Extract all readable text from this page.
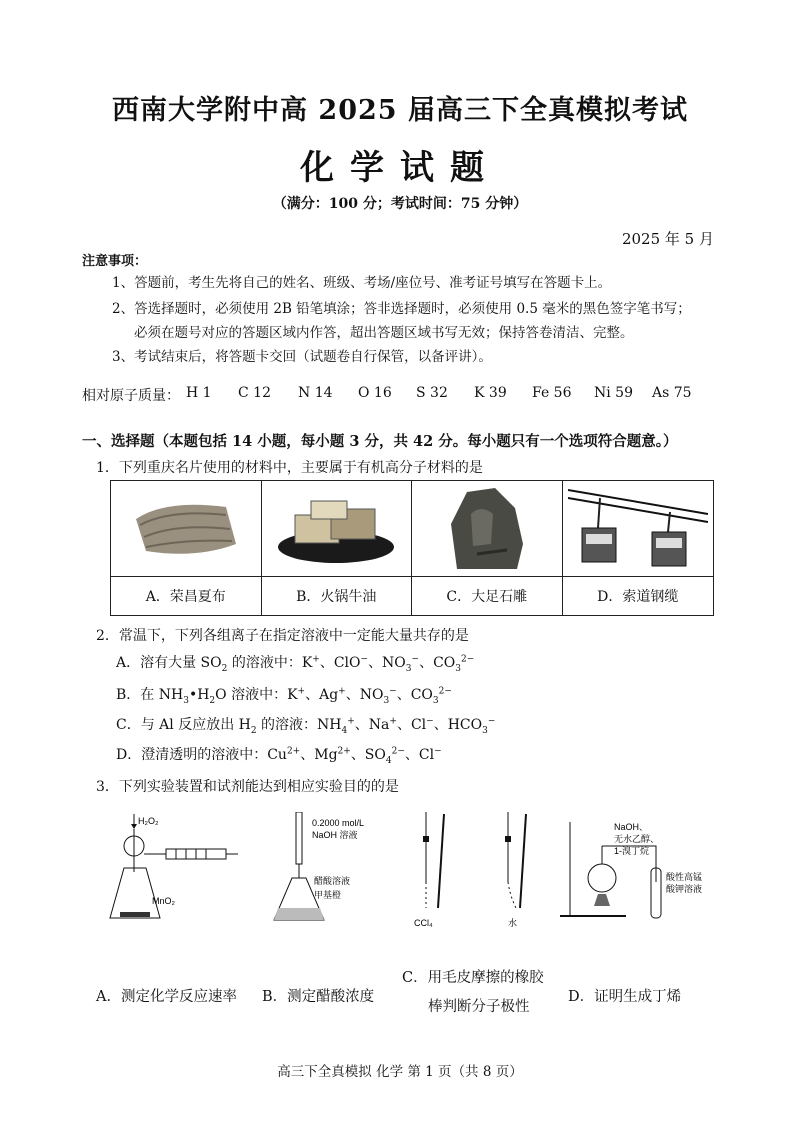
西南大学附中高 2025 届高三下全真模拟考试
化学试题
（满分：100 分；考试时间：75 分钟）
2025 年 5 月
注意事项：
1、答题前，考生先将自己的姓名、班级、考场/座位号、准考证号填写在答题卡上。
2、答选择题时，必须使用 2B 铅笔填涂；答非选择题时，必须使用 0.5 毫米的黑色签字笔书写；
必须在题号对应的答题区域内作答，超出答题区域书写无效；保持答卷清洁、完整。
3、考试结束后，将答题卡交回（试题卷自行保管，以备评讲）。
相对原子质量： H 1	C 12	N 14	O 16	S 32	K 39	Fe 56	Ni 59	As 75
一、选择题（本题包括 14 小题，每小题 3 分，共 42 分。每小题只有一个选项符合题意。）
1．下列重庆名片使用的材料中，主要属于有机高分子材料的是
A．荣昌夏布	B．火锅牛油	C．大足石雕	D．索道钢缆
2．常温下，下列各组离子在指定溶液中一定能大量共存的是
A．溶有大量 $SO_2$ 的溶液中：K+、ClO−、$NO_3^-$、$CO_3^{2-}$
B．在 $NH_3•H_2O$ 溶液中：K+、Ag+、$NO_3^-$、$CO_3^{2-}$
C．与 Al 反应放出 $H_2$ 的溶液：$NH_4^+$、Na+、Cl−、$HCO_3^-$
D．澄清透明的溶液中：$Cu^{2+}$、$Mg^{2+}$、$SO_4^{2-}$、Cl−
3．下列实验装置和试剂能达到相应实验目的的是
H₂O₂
MnO₂
0.2000 mol/L
NaOH 溶液
醋酸溶液
甲基橙
CCl₄	水
NaOH、
无水乙醇、
1-溴丁烷
酸性高锰
酸钾溶液
A．测定化学反应速率 B．测定醋酸浓度
C．用毛皮摩擦的橡胶
棒判断分子极性
D．证明生成丁烯
高三下全真模拟 化学 第 1 页（共 8 页）
